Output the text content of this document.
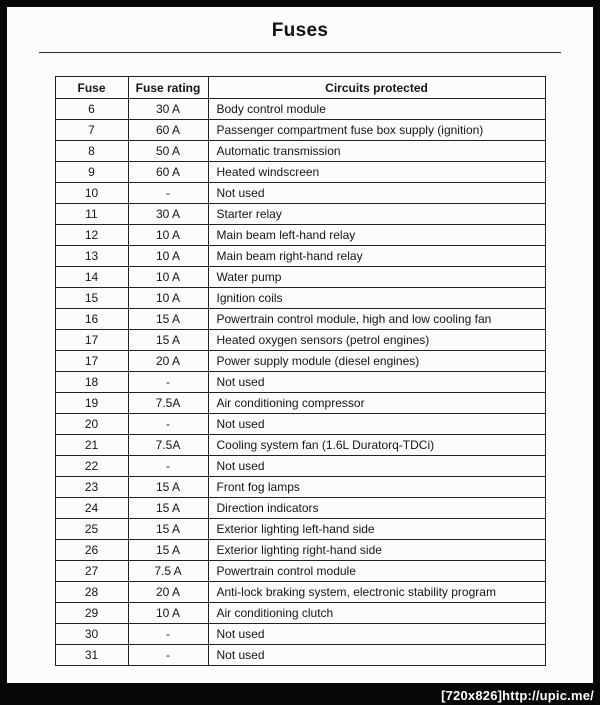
Fuses
Fuse	Fuse rating	Circuits protected
6	30 A	Body control module
7	60 A	Passenger compartment fuse box supply (ignition)
8	50 A	Automatic transmission
9	60 A	Heated windscreen
10	-	Not used
11	30 A	Starter relay
12	10 A	Main beam left-hand relay
13	10 A	Main beam right-hand relay
14	10 A	Water pump
15	10 A	Ignition coils
16	15 A	Powertrain control module, high and low cooling fan
17	15 A	Heated oxygen sensors (petrol engines)
17	20 A	Power supply module (diesel engines)
18	-	Not used
19	7.5A	Air conditioning compressor
20	-	Not used
21	7.5A	Cooling system fan (1.6L Duratorq-TDCi)
22	-	Not used
23	15 A	Front fog lamps
24	15 A	Direction indicators
25	15 A	Exterior lighting left-hand side
26	15 A	Exterior lighting right-hand side
27	7.5 A	Powertrain control module
28	20 A	Anti-lock braking system, electronic stability program
29	10 A	Air conditioning clutch
30	-	Not used
31	-	Not used
[720x826]http://upic.me/
